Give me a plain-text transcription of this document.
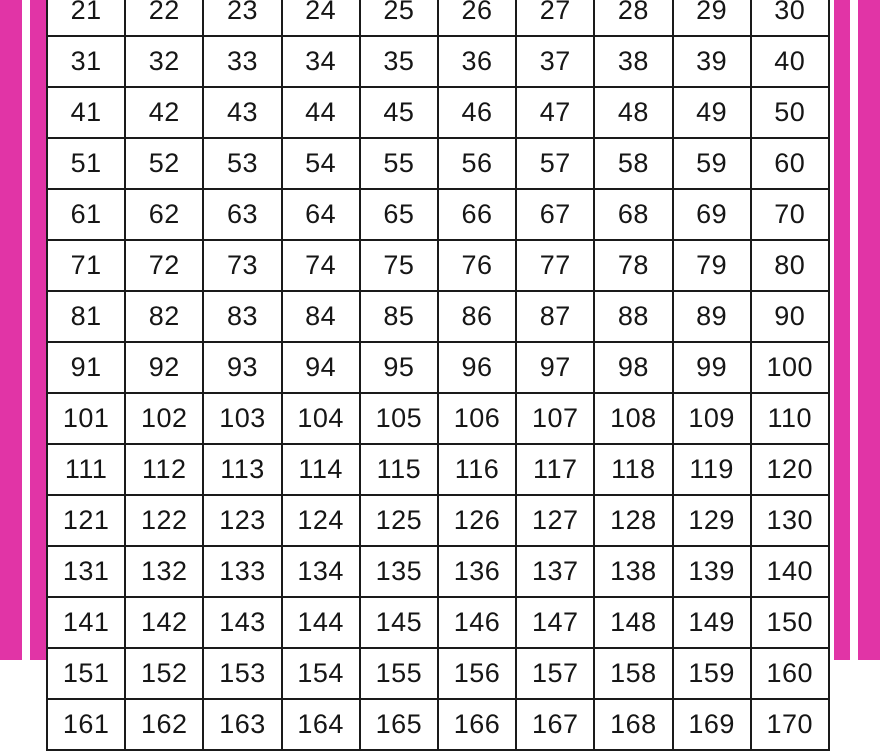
21	22	23	24	25	26	27	28	29	30
31	32	33	34	35	36	37	38	39	40
41	42	43	44	45	46	47	48	49	50
51	52	53	54	55	56	57	58	59	60
61	62	63	64	65	66	67	68	69	70
71	72	73	74	75	76	77	78	79	80
81	82	83	84	85	86	87	88	89	90
91	92	93	94	95	96	97	98	99	100
101	102	103	104	105	106	107	108	109	110
111	112	113	114	115	116	117	118	119	120
121	122	123	124	125	126	127	128	129	130
131	132	133	134	135	136	137	138	139	140
141	142	143	144	145	146	147	148	149	150
151	152	153	154	155	156	157	158	159	160
161	162	163	164	165	166	167	168	169	170
